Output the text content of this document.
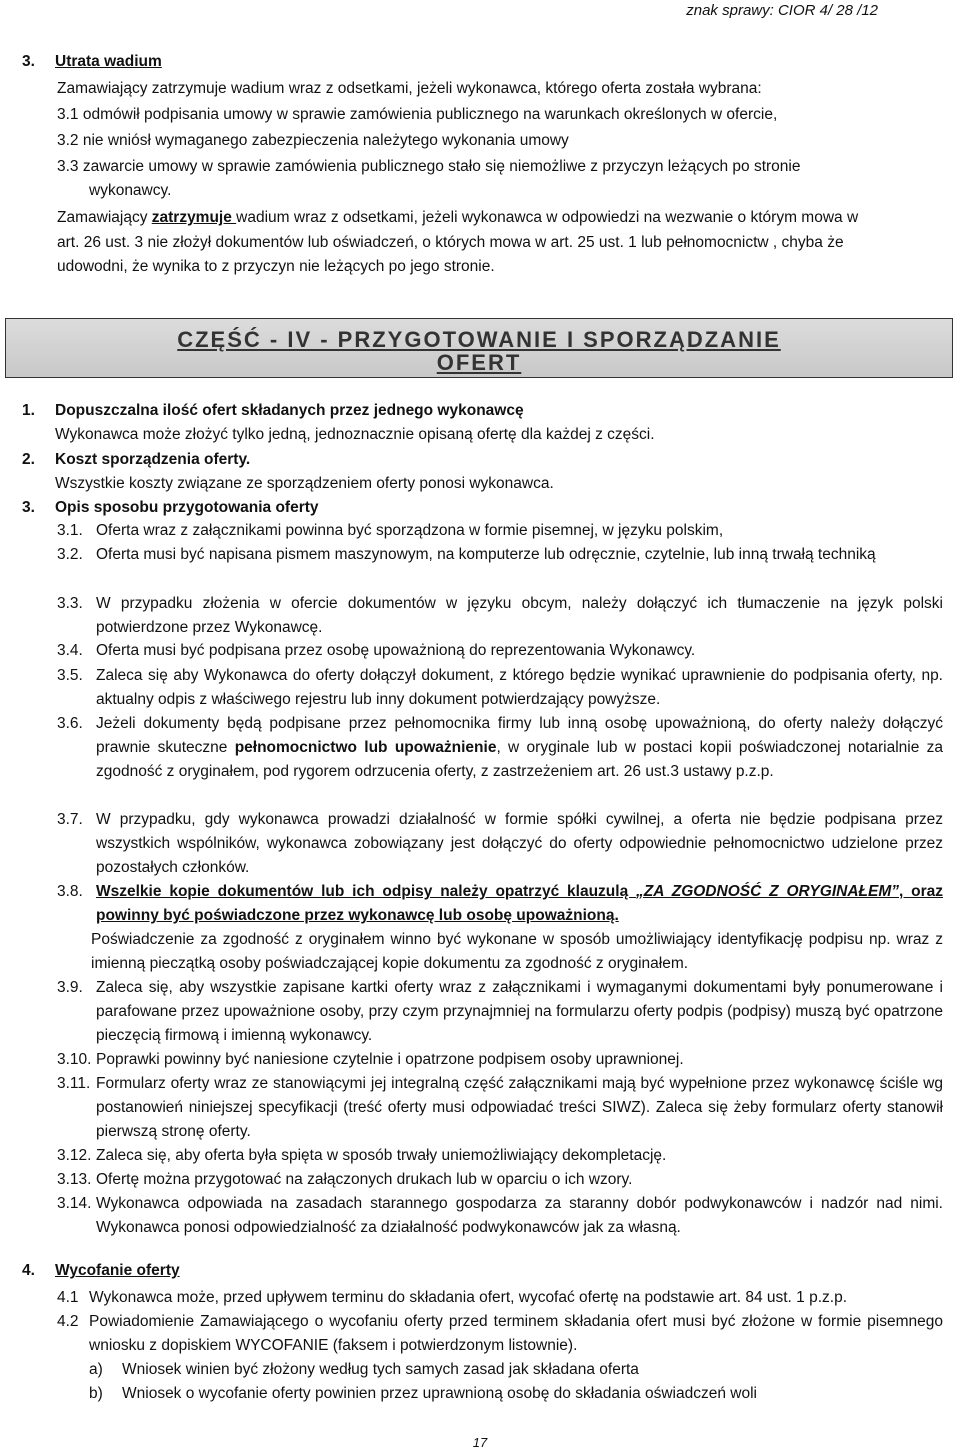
znak sprawy: CIOR 4/ 28 /12
3. Utrata wadium
Zamawiający zatrzymuje wadium wraz z odsetkami, jeżeli wykonawca, którego oferta została wybrana:
3.1 odmówił podpisania umowy w sprawie zamówienia publicznego na warunkach określonych w ofercie,
3.2 nie wniósł wymaganego zabezpieczenia należytego wykonania umowy
3.3 zawarcie umowy w sprawie zamówienia publicznego stało się niemożliwe z przyczyn leżących po stronie
wykonawcy.
Zamawiający zatrzymuje wadium wraz z odsetkami, jeżeli wykonawca w odpowiedzi na wezwanie o którym mowa w
art. 26 ust. 3 nie złożył dokumentów lub oświadczeń, o których mowa w art. 25 ust. 1 lub pełnomocnictw , chyba że
udowodni, że wynika to z przyczyn nie leżących po jego stronie.
CZĘŚĆ - IV - PRZYGOTOWANIE I SPORZĄDZANIE
OFERT
1. Dopuszczalna ilość ofert składanych przez jednego wykonawcę
Wykonawca może złożyć tylko jedną, jednoznacznie opisaną ofertę dla każdej z części.
2. Koszt sporządzenia oferty.
Wszystkie koszty związane ze sporządzeniem oferty ponosi wykonawca.
3. Opis sposobu przygotowania oferty
3.1. Oferta wraz z załącznikami powinna być sporządzona w formie pisemnej, w języku polskim,
3.2. Oferta musi być napisana pismem maszynowym, na komputerze lub odręcznie, czytelnie, lub inną trwałą techniką
3.3. W przypadku złożenia w ofercie dokumentów w języku obcym, należy dołączyć ich tłumaczenie na język polski potwierdzone przez Wykonawcę.
3.4. Oferta musi być podpisana przez osobę upoważnioną do reprezentowania Wykonawcy.
3.5. Zaleca się aby Wykonawca do oferty dołączył dokument, z którego będzie wynikać uprawnienie do podpisania oferty, np. aktualny odpis z właściwego rejestru lub inny dokument potwierdzający powyższe.
3.6. Jeżeli dokumenty będą podpisane przez pełnomocnika firmy lub inną osobę upoważnioną, do oferty należy dołączyć prawnie skuteczne pełnomocnictwo lub upoważnienie, w oryginale lub w postaci kopii poświadczonej notarialnie za zgodność z oryginałem, pod rygorem odrzucenia oferty, z zastrzeżeniem art. 26 ust.3 ustawy p.z.p.
3.7. W przypadku, gdy wykonawca prowadzi działalność w formie spółki cywilnej, a oferta nie będzie podpisana przez wszystkich wspólników, wykonawca zobowiązany jest dołączyć do oferty odpowiednie pełnomocnictwo udzielone przez pozostałych członków.
3.8. Wszelkie kopie dokumentów lub ich odpisy należy opatrzyć klauzulą „ZA ZGODNOŚĆ Z ORYGINAŁEM”, oraz powinny być poświadczone przez wykonawcę lub osobę upoważnioną.
Poświadczenie za zgodność z oryginałem winno być wykonane w sposób umożliwiający identyfikację podpisu np. wraz z imienną pieczątką osoby poświadczającej kopie dokumentu za zgodność z oryginałem.
3.9. Zaleca się, aby wszystkie zapisane kartki oferty wraz z załącznikami i wymaganymi dokumentami były ponumerowane i parafowane przez upoważnione osoby, przy czym przynajmniej na formularzu oferty podpis (podpisy) muszą być opatrzone pieczęcią firmową i imienną wykonawcy.
3.10. Poprawki powinny być naniesione czytelnie i opatrzone podpisem osoby uprawnionej.
3.11. Formularz oferty wraz ze stanowiącymi jej integralną część załącznikami mają być wypełnione przez wykonawcę ściśle wg postanowień niniejszej specyfikacji (treść oferty musi odpowiadać treści SIWZ). Zaleca się żeby formularz oferty stanowił pierwszą stronę oferty.
3.12. Zaleca się, aby oferta była spięta w sposób trwały uniemożliwiający dekompletację.
3.13. Ofertę można przygotować na załączonych drukach lub w oparciu o ich wzory.
3.14. Wykonawca odpowiada na zasadach starannego gospodarza za staranny dobór podwykonawców i nadzór nad nimi. Wykonawca ponosi odpowiedzialność za działalność podwykonawców jak za własną.
4. Wycofanie oferty
4.1 Wykonawca może, przed upływem terminu do składania ofert, wycofać ofertę na podstawie art. 84 ust. 1 p.z.p.
4.2 Powiadomienie Zamawiającego o wycofaniu oferty przed terminem składania ofert musi być złożone w formie pisemnego wniosku z dopiskiem WYCOFANIE (faksem i potwierdzonym listownie).
a) Wniosek winien być złożony według tych samych zasad jak składana oferta
b) Wniosek o wycofanie oferty powinien przez uprawnioną osobę do składania oświadczeń woli
17
